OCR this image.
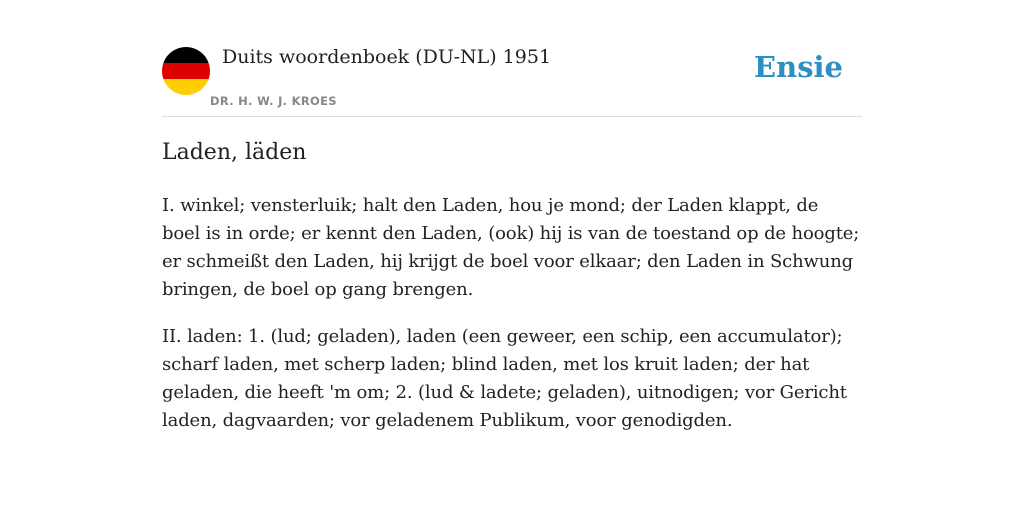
Duits woordenboek (DU-NL) 1951
DR. H. W. J. KROES
Ensie
Laden, läden

I. winkel; vensterluik; halt den Laden, hou je mond; der Laden klappt, de boel is in orde; er kennt den Laden, (ook) hij is van de toestand op de hoogte; er schmeißt den Laden, hij krijgt de boel voor elkaar; den Laden in Schwung bringen, de boel op gang brengen.

II. laden: 1. (lud; geladen), laden (een geweer, een schip, een accumulator); scharf laden, met scherp laden; blind laden, met los kruit laden; der hat geladen, die heeft 'm om; 2. (lud & ladete; geladen), uitnodigen; vor Gericht laden, dagvaarden; vor geladenem Publikum, voor genodigden.
